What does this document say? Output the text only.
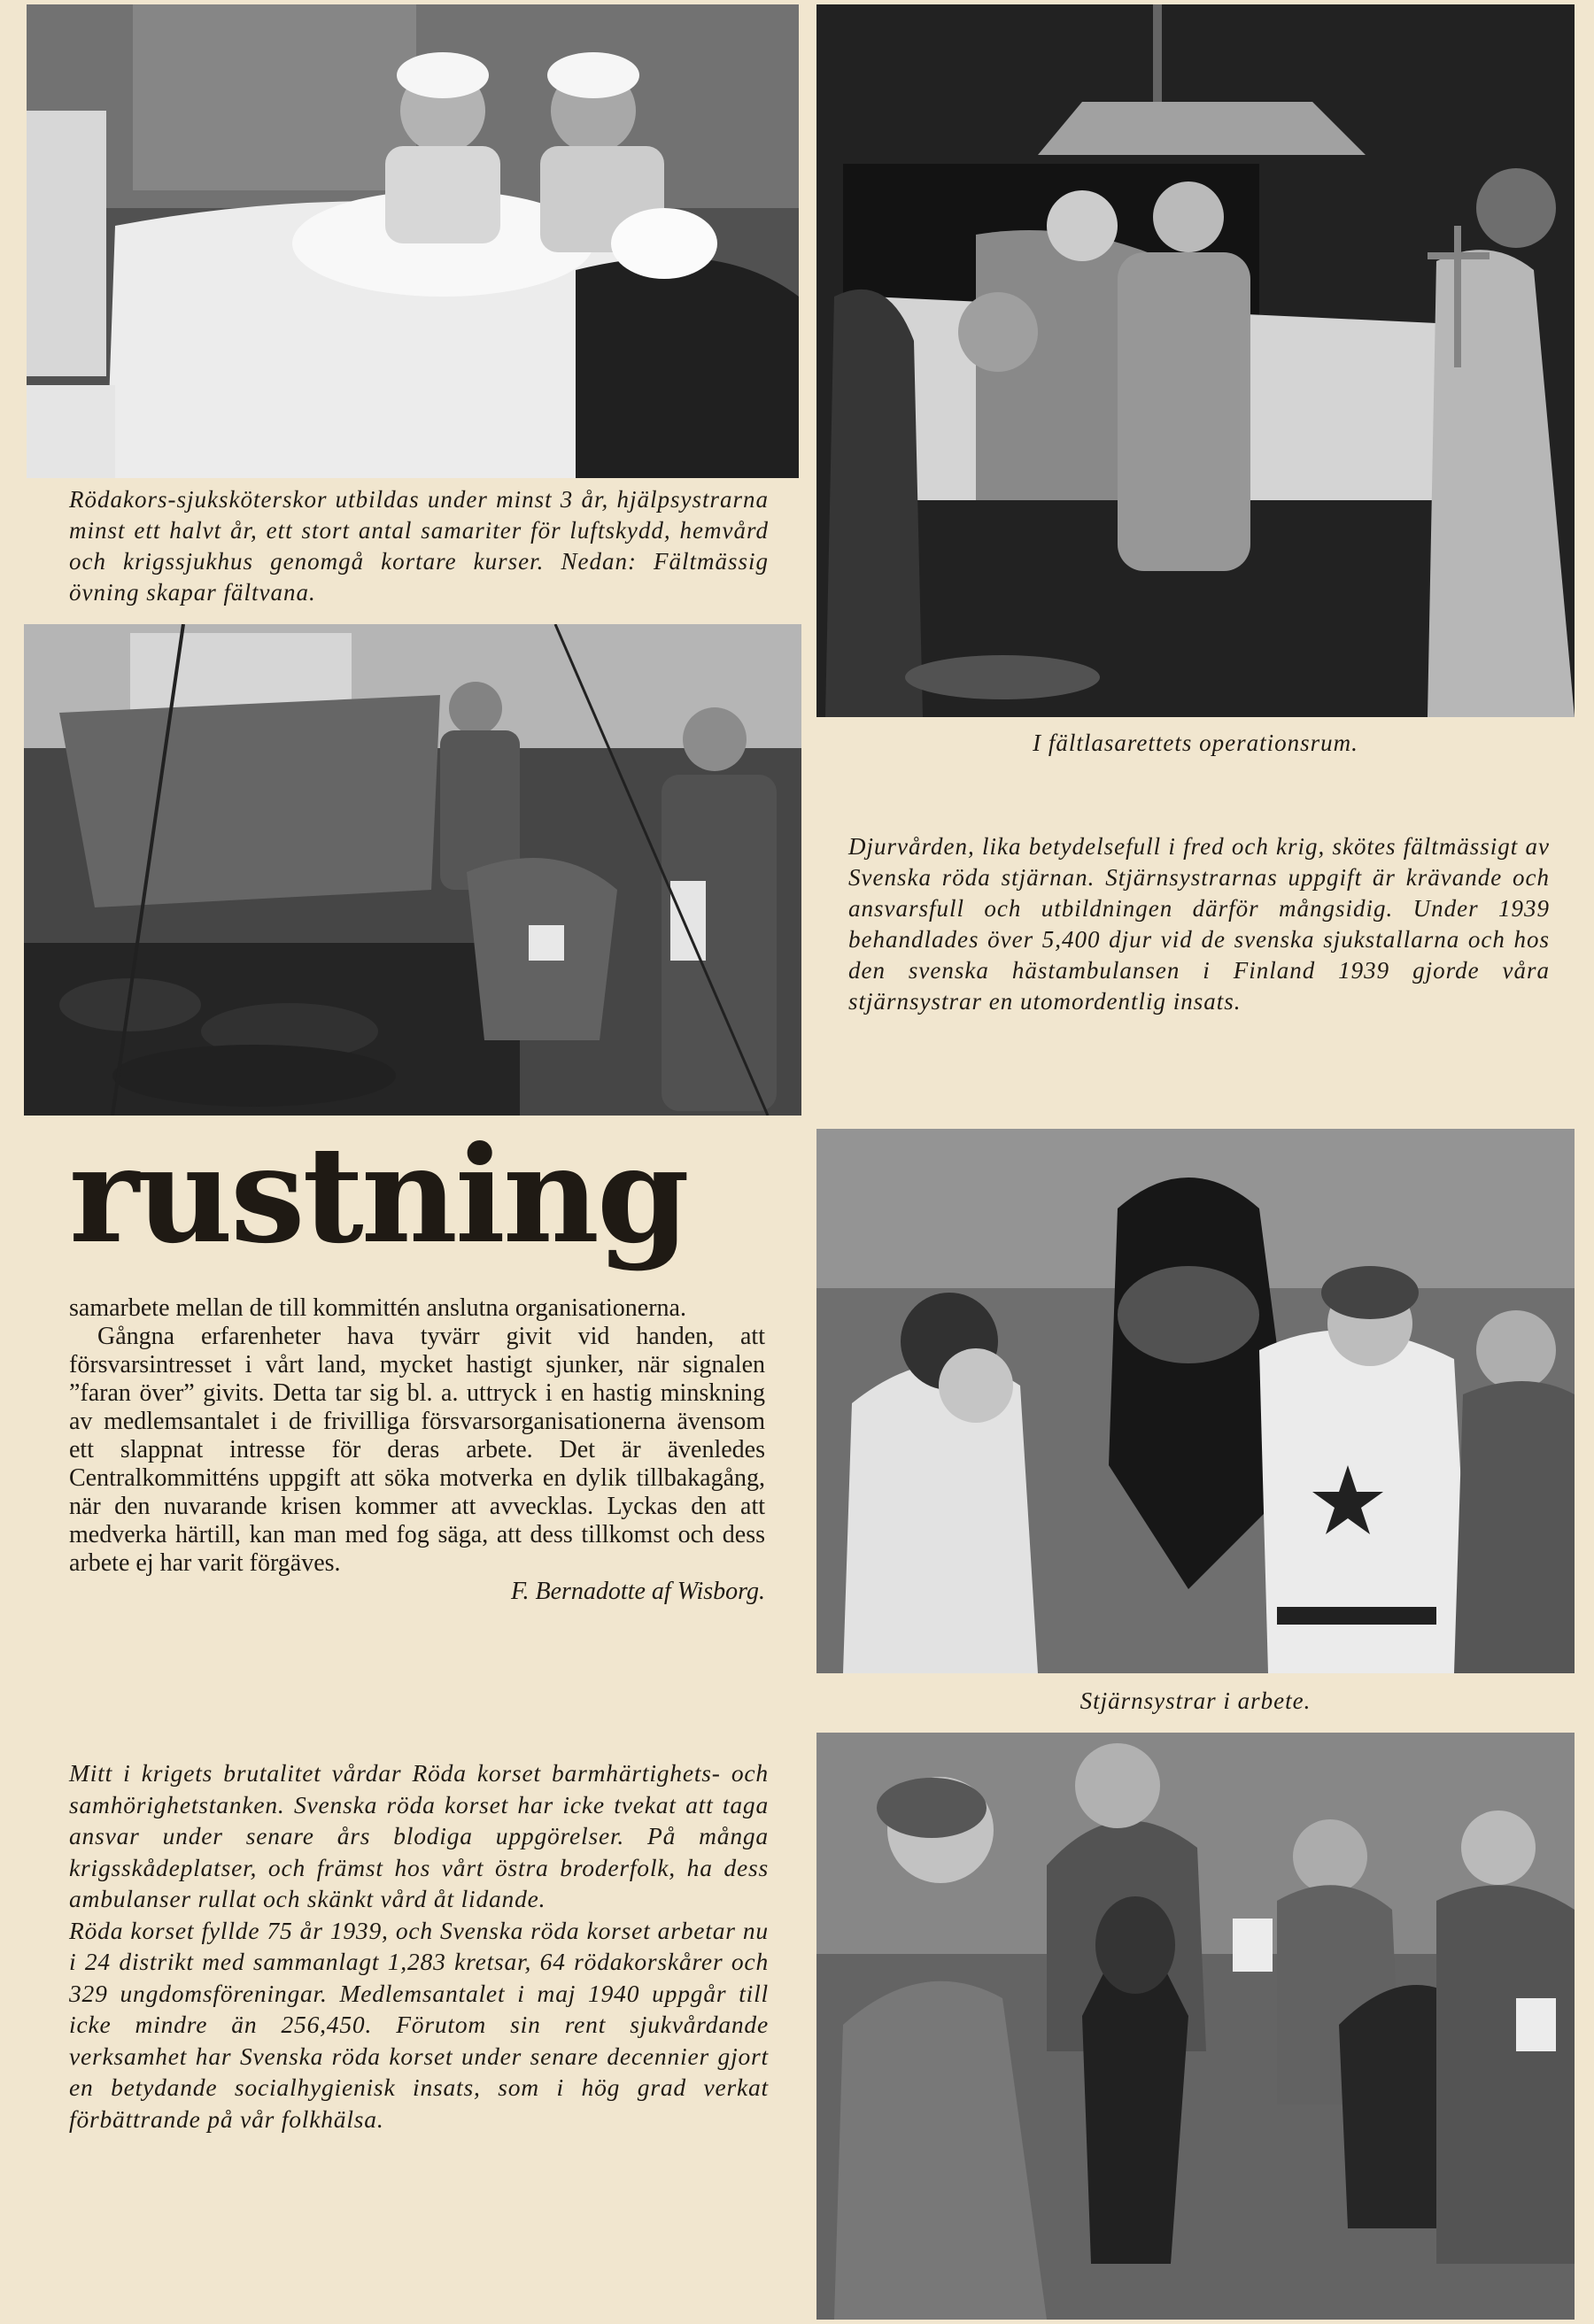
Rödakors-sjuksköterskor utbildas under minst 3 år, hjälpsystrarna minst ett halvt år, ett stort antal samariter för luftskydd, hemvård och krigssjukhus genomgå kortare kurser. Nedan: Fältmässig övning skapar fältvana.

I fältlasarettets operationsrum.

Djurvården, lika betydelsefull i fred och krig, skötes fältmässigt av Svenska röda stjärnan. Stjärnsystrarnas uppgift är krävande och ansvarsfull och utbildningen därför mångsidig. Under 1939 behandlades över 5,400 djur vid de svenska sjukstallarna och hos den svenska hästambulansen i Finland 1939 gjorde våra stjärnsystrar en utomordentlig insats.

rustning

samarbete mellan de till kommittén anslutna organisationerna.

Gångna erfarenheter hava tyvärr givit vid handen, att försvarsintresset i vårt land, mycket hastigt sjunker, när signalen ”faran över” givits. Detta tar sig bl. a. uttryck i en hastig minskning av medlemsantalet i de frivilliga försvarsorganisationerna ävensom ett slappnat intresse för deras arbete. Det är ävenledes Centralkommitténs uppgift att söka motverka en dylik tillbakagång, när den nuvarande krisen kommer att avvecklas. Lyckas den att medverka härtill, kan man med fog säga, att dess tillkomst och dess arbete ej har varit förgäves.

F. Bernadotte af Wisborg.

Stjärnsystrar i arbete.

Mitt i krigets brutalitet vårdar Röda korset barmhärtighets- och samhörighetstanken. Svenska röda korset har icke tvekat att taga ansvar under senare års blodiga uppgörelser. På många krigsskådeplatser, och främst hos vårt östra broderfolk, ha dess ambulanser rullat och skänkt vård åt lidande.

Röda korset fyllde 75 år 1939, och Svenska röda korset arbetar nu i 24 distrikt med sammanlagt 1,283 kretsar, 64 rödakorskårer och 329 ungdomsföreningar. Medlemsantalet i maj 1940 uppgår till icke mindre än 256,450. Förutom sin rent sjukvårdande verksamhet har Svenska röda korset under senare decennier gjort en betydande socialhygienisk insats, som i hög grad verkat förbättrande på vår folkhälsa.
